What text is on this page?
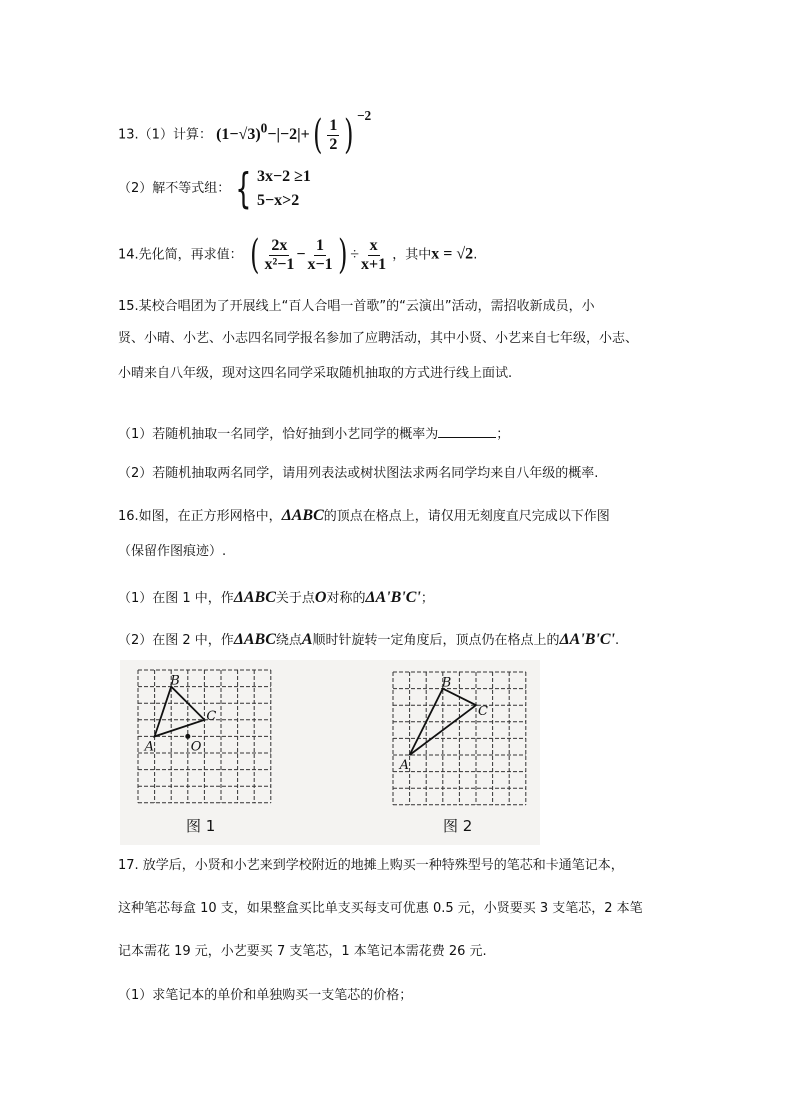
13.（1）计算： $(1-√3)^0-|-2|+( \frac{1}{2}$ ) $^{-2}$
（2）解不等式组： { 3x−2 ≥1
5−x>2
14.先化简，再求值： ( $\frac{2x}{\text{x²−1}} - \frac{1}{x-1}$ ) ÷ $\frac{x}{x+1}$ ，其中x = √2.
15.某校合唱团为了开展线上“百人合唱一首歌”的“云演出”活动，需招收新成员，小
贤、小晴、小艺、小志四名同学报名参加了应聘活动，其中小贤、小艺来自七年级，小志、
小晴来自八年级，现对这四名同学采取随机抽取的方式进行线上面试.
（1）若随机抽取一名同学，恰好抽到小艺同学的概率为	；
（2）若随机抽取两名同学，请用列表法或树状图法求两名同学均来自八年级的概率.
16.如图，在正方形网格中，ΔABC的顶点在格点上，请仅用无刻度直尺完成以下作图
（保留作图痕迹）.
（1）在图 1 中，作ΔABC关于点O对称的ΔA'B'C'；
（2）在图 2 中，作ΔABC绕点A顺时针旋转一定角度后，顶点仍在格点上的ΔA'B'C'.
A
B
C
O
图 1
A
B
C
图 2
17. 放学后，小贤和小艺来到学校附近的地摊上购买一种特殊型号的笔芯和卡通笔记本，
这种笔芯每盒 10 支，如果整盒买比单支买每支可优惠 0.5 元，小贤要买 3 支笔芯，2 本笔
记本需花 19 元，小艺要买 7 支笔芯，1 本笔记本需花费 26 元.
（1）求笔记本的单价和单独购买一支笔芯的价格；
